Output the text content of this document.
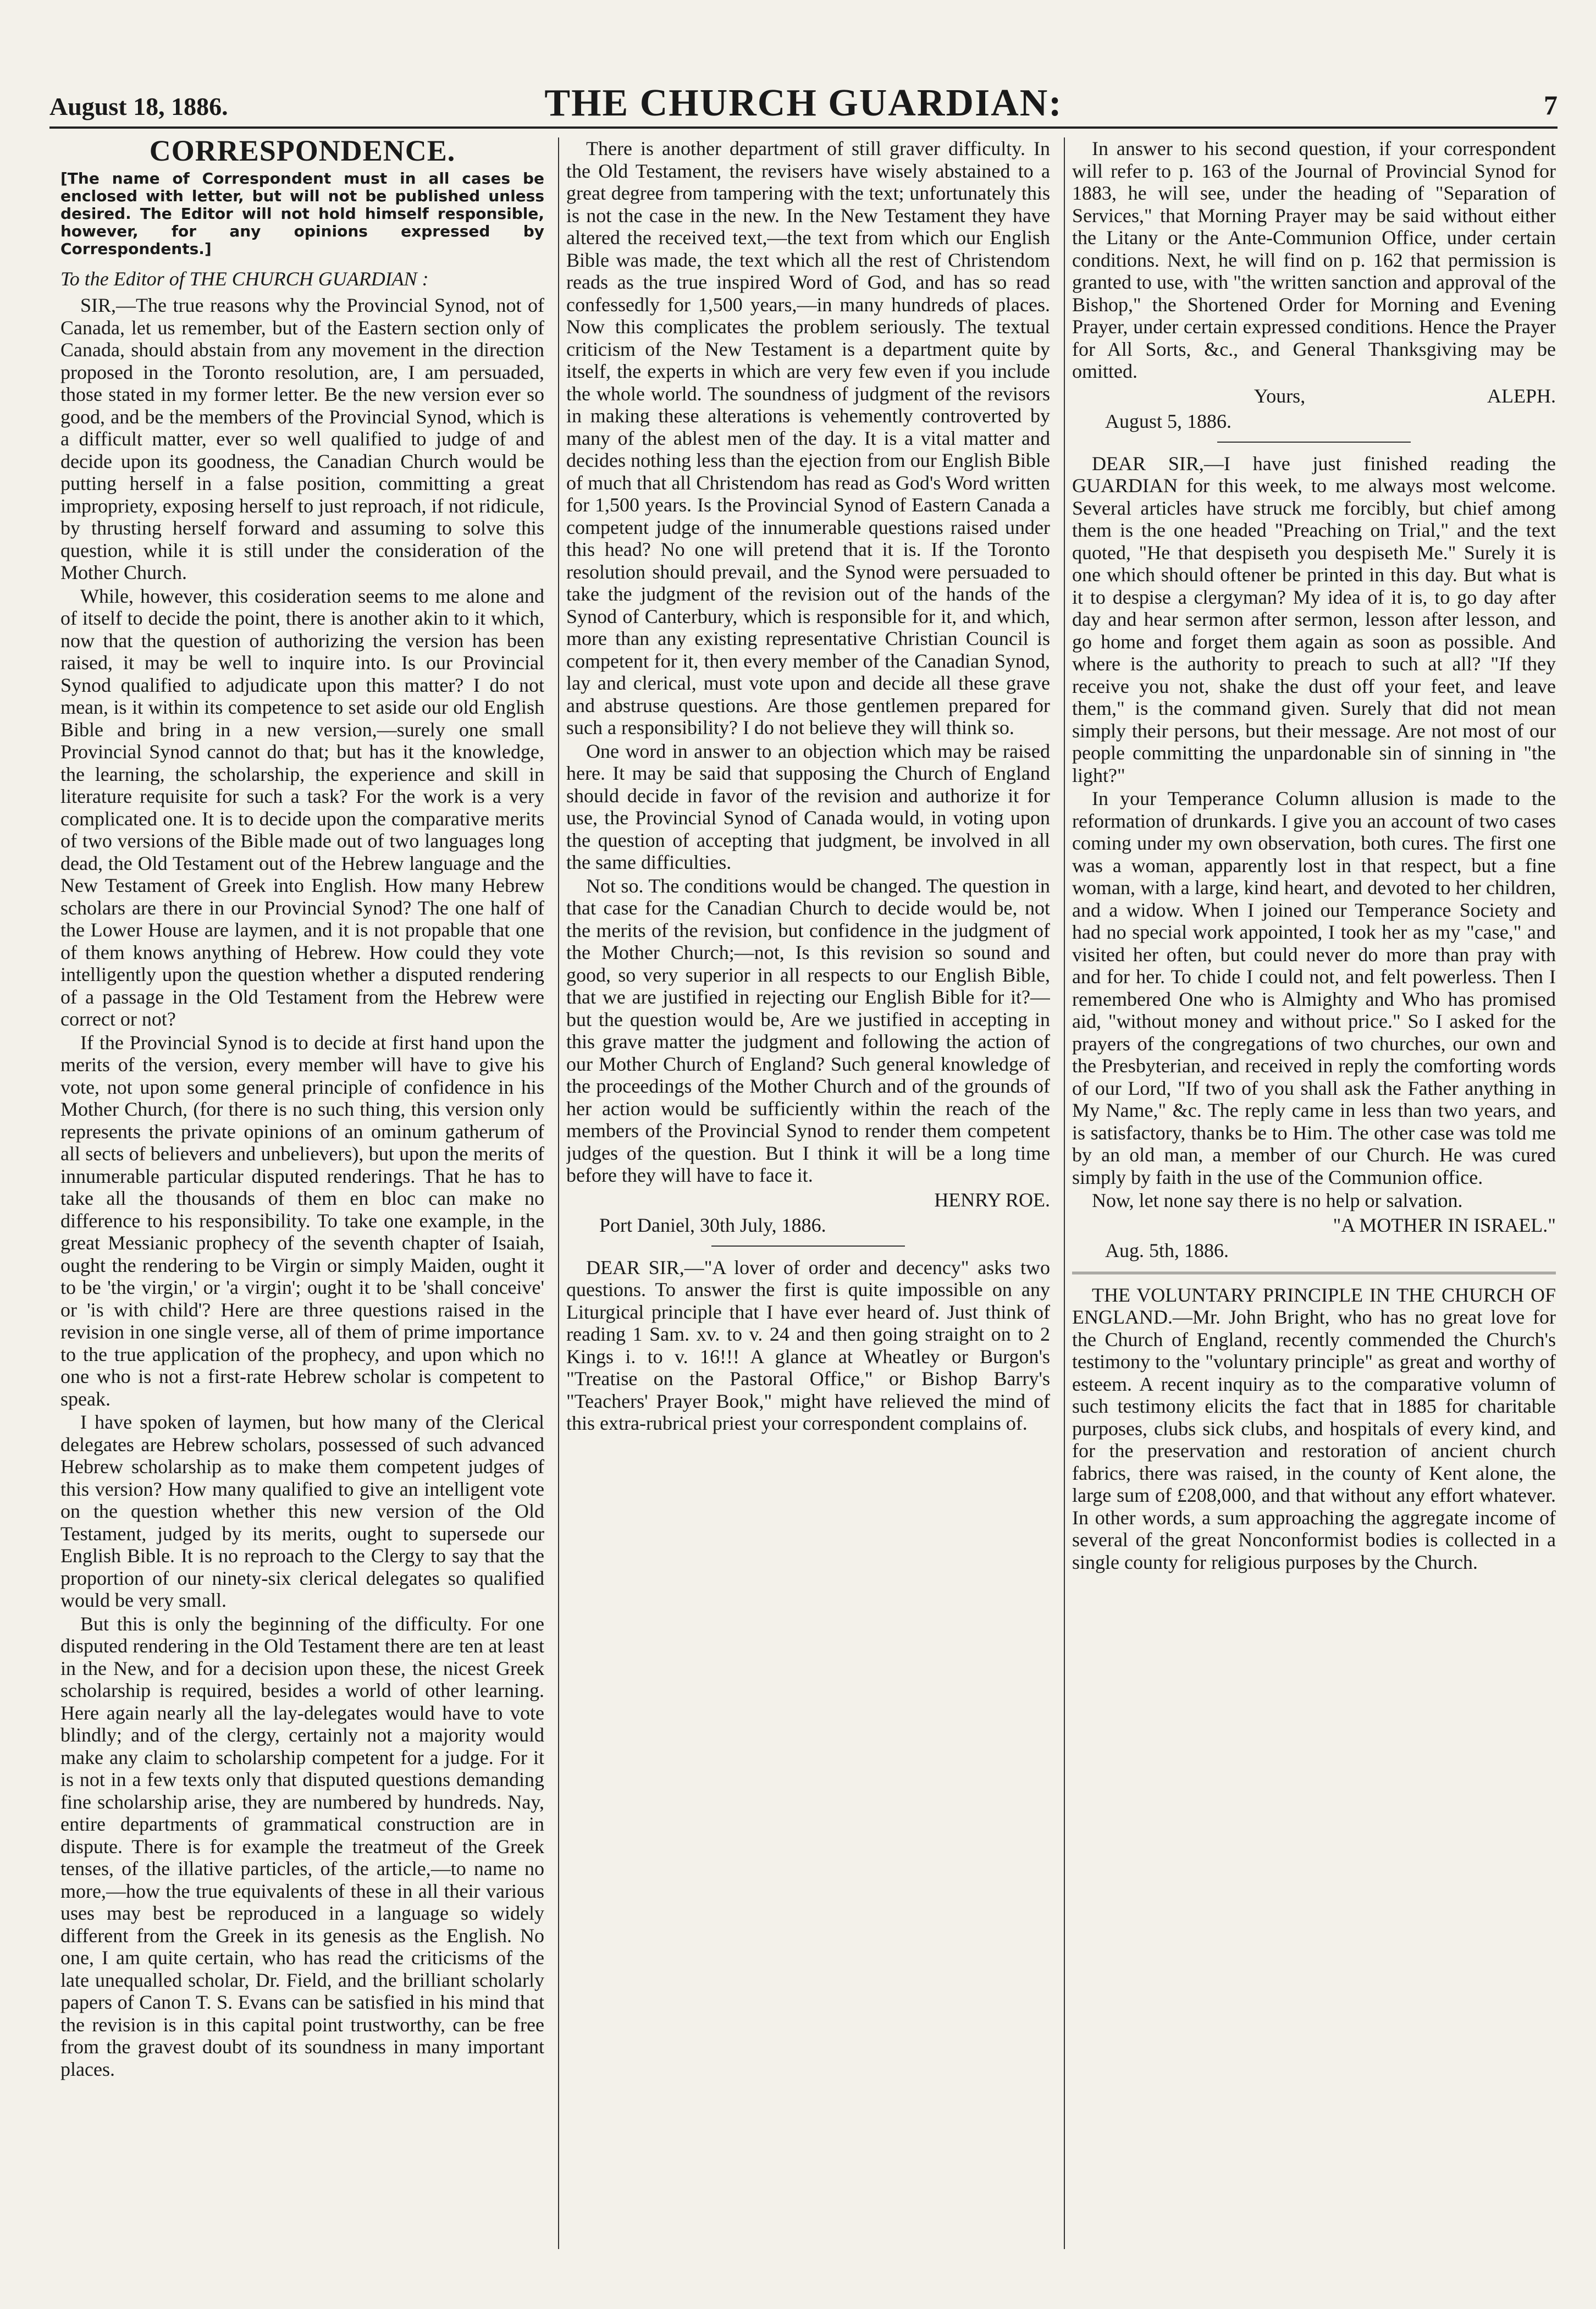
August 18, 1886.	THE CHURCH GUARDIAN:	7
CORRESPONDENCE.

[The name of Correspondent must in all cases be enclosed with letter, but will not be published unless desired. The Editor will not hold himself responsible, however, for any opinions expressed by Correspondents.]

To the Editor of THE CHURCH GUARDIAN :

SIR,—The true reasons why the Provincial Synod, not of Canada, let us remember, but of the Eastern section only of Canada, should abstain from any movement in the direction proposed in the Toronto resolution, are, I am persuaded, those stated in my former letter. Be the new version ever so good, and be the members of the Provincial Synod, which is a difficult matter, ever so well qualified to judge of and decide upon its goodness, the Canadian Church would be putting herself in a false position, committing a great impropriety, exposing herself to just reproach, if not ridicule, by thrusting herself forward and assuming to solve this question, while it is still under the consideration of the Mother Church.

While, however, this cosideration seems to me alone and of itself to decide the point, there is another akin to it which, now that the question of authorizing the version has been raised, it may be well to inquire into. Is our Provincial Synod qualified to adjudicate upon this matter? I do not mean, is it within its competence to set aside our old English Bible and bring in a new version,—surely one small Provincial Synod cannot do that; but has it the knowledge, the learning, the scholarship, the experience and skill in literature requisite for such a task? For the work is a very complicated one. It is to decide upon the comparative merits of two versions of the Bible made out of two languages long dead, the Old Testament out of the Hebrew language and the New Testament of Greek into English. How many Hebrew scholars are there in our Provincial Synod? The one half of the Lower House are laymen, and it is not propable that one of them knows anything of Hebrew. How could they vote intelligently upon the question whether a disputed rendering of a passage in the Old Testament from the Hebrew were correct or not?

If the Provincial Synod is to decide at first hand upon the merits of the version, every member will have to give his vote, not upon some general principle of confidence in his Mother Church, (for there is no such thing, this version only represents the private opinions of an ominum gatherum of all sects of believers and unbelievers), but upon the merits of innumerable particular disputed renderings. That he has to take all the thousands of them en bloc can make no difference to his responsibility. To take one example, in the great Messianic prophecy of the seventh chapter of Isaiah, ought the rendering to be Virgin or simply Maiden, ought it to be 'the virgin,' or 'a virgin'; ought it to be 'shall conceive' or 'is with child'? Here are three questions raised in the revision in one single verse, all of them of prime importance to the true application of the prophecy, and upon which no one who is not a first-rate Hebrew scholar is competent to speak.

I have spoken of laymen, but how many of the Clerical delegates are Hebrew scholars, possessed of such advanced Hebrew scholarship as to make them competent judges of this version? How many qualified to give an intelligent vote on the question whether this new version of the Old Testament, judged by its merits, ought to supersede our English Bible. It is no reproach to the Clergy to say that the proportion of our ninety-six clerical delegates so qualified would be very small.

But this is only the beginning of the difficulty. For one disputed rendering in the Old Testament there are ten at least in the New, and for a decision upon these, the nicest Greek scholarship is required, besides a world of other learning. Here again nearly all the lay-delegates would have to vote blindly; and of the clergy, certainly not a majority would make any claim to scholarship competent for a judge. For it is not in a few texts only that disputed questions demanding fine scholarship arise, they are numbered by hundreds. Nay, entire departments of grammatical construction are in dispute. There is for example the treatmeut of the Greek tenses, of the illative particles, of the article,—to name no more,—how the true equivalents of these in all their various uses may best be reproduced in a language so widely different from the Greek in its genesis as the English. No one, I am quite certain, who has read the criticisms of the late unequalled scholar, Dr. Field, and the brilliant scholarly papers of Canon T. S. Evans can be satisfied in his mind that the revision is in this capital point trustworthy, can be free from the gravest doubt of its soundness in many important places.

There is another department of still graver difficulty. In the Old Testament, the revisers have wisely abstained to a great degree from tampering with the text; unfortunately this is not the case in the new. In the New Testament they have altered the received text,—the text from which our English Bible was made, the text which all the rest of Christendom reads as the true inspired Word of God, and has so read confessedly for 1,500 years,—in many hundreds of places. Now this complicates the problem seriously. The textual criticism of the New Testament is a department quite by itself, the experts in which are very few even if you include the whole world. The soundness of judgment of the revisors in making these alterations is vehemently controverted by many of the ablest men of the day. It is a vital matter and decides nothing less than the ejection from our English Bible of much that all Christendom has read as God's Word written for 1,500 years. Is the Provincial Synod of Eastern Canada a competent judge of the innumerable questions raised under this head? No one will pretend that it is. If the Toronto resolution should prevail, and the Synod were persuaded to take the judgment of the revision out of the hands of the Synod of Canterbury, which is responsible for it, and which, more than any existing representative Christian Council is competent for it, then every member of the Canadian Synod, lay and clerical, must vote upon and decide all these grave and abstruse questions. Are those gentlemen prepared for such a responsibility? I do not believe they will think so.

One word in answer to an objection which may be raised here. It may be said that supposing the Church of England should decide in favor of the revision and authorize it for use, the Provincial Synod of Canada would, in voting upon the question of accepting that judgment, be involved in all the same difficulties.

Not so. The conditions would be changed. The question in that case for the Canadian Church to decide would be, not the merits of the revision, but confidence in the judgment of the Mother Church;—not, Is this revision so sound and good, so very superior in all respects to our English Bible, that we are justified in rejecting our English Bible for it?—but the question would be, Are we justified in accepting in this grave matter the judgment and following the action of our Mother Church of England? Such general knowledge of the proceedings of the Mother Church and of the grounds of her action would be sufficiently within the reach of the members of the Provincial Synod to render them competent judges of the question. But I think it will be a long time before they will have to face it.

HENRY ROE.

Port Daniel, 30th July, 1886.

DEAR SIR,—"A lover of order and decency" asks two questions. To answer the first is quite impossible on any Liturgical principle that I have ever heard of. Just think of reading 1 Sam. xv. to v. 24 and then going straight on to 2 Kings i. to v. 16!!! A glance at Wheatley or Burgon's "Treatise on the Pastoral Office," or Bishop Barry's "Teachers' Prayer Book," might have relieved the mind of this extra-rubrical priest your correspondent complains of.

In answer to his second question, if your correspondent will refer to p. 163 of the Journal of Provincial Synod for 1883, he will see, under the heading of "Separation of Services," that Morning Prayer may be said without either the Litany or the Ante-Communion Office, under certain conditions. Next, he will find on p. 162 that permission is granted to use, with "the written sanction and approval of the Bishop," the Shortened Order for Morning and Evening Prayer, under certain expressed conditions. Hence the Prayer for All Sorts, &c., and General Thanksgiving may be omitted.

Yours,	ALEPH.

August 5, 1886.

DEAR SIR,—I have just finished reading the GUARDIAN for this week, to me always most welcome. Several articles have struck me forcibly, but chief among them is the one headed "Preaching on Trial," and the text quoted, "He that despiseth you despiseth Me." Surely it is one which should oftener be printed in this day. But what is it to despise a clergyman? My idea of it is, to go day after day and hear sermon after sermon, lesson after lesson, and go home and forget them again as soon as possible. And where is the authority to preach to such at all? "If they receive you not, shake the dust off your feet, and leave them," is the command given. Surely that did not mean simply their persons, but their message. Are not most of our people committing the unpardonable sin of sinning in "the light?"

In your Temperance Column allusion is made to the reformation of drunkards. I give you an account of two cases coming under my own observation, both cures. The first one was a woman, apparently lost in that respect, but a fine woman, with a large, kind heart, and devoted to her children, and a widow. When I joined our Temperance Society and had no special work appointed, I took her as my "case," and visited her often, but could never do more than pray with and for her. To chide I could not, and felt powerless. Then I remembered One who is Almighty and Who has promised aid, "without money and without price." So I asked for the prayers of the congregations of two churches, our own and the Presbyterian, and received in reply the comforting words of our Lord, "If two of you shall ask the Father anything in My Name," &c. The reply came in less than two years, and is satisfactory, thanks be to Him. The other case was told me by an old man, a member of our Church. He was cured simply by faith in the use of the Communion office.

Now, let none say there is no help or salvation.

"A MOTHER IN ISRAEL."

Aug. 5th, 1886.

THE VOLUNTARY PRINCIPLE IN THE CHURCH OF ENGLAND.—Mr. John Bright, who has no great love for the Church of England, recently commended the Church's testimony to the "voluntary principle" as great and worthy of esteem. A recent inquiry as to the comparative volumn of such testimony elicits the fact that in 1885 for charitable purposes, clubs sick clubs, and hospitals of every kind, and for the preservation and restoration of ancient church fabrics, there was raised, in the county of Kent alone, the large sum of £208,000, and that without any effort whatever. In other words, a sum approaching the aggregate income of several of the great Nonconformist bodies is collected in a single county for religious purposes by the Church.
